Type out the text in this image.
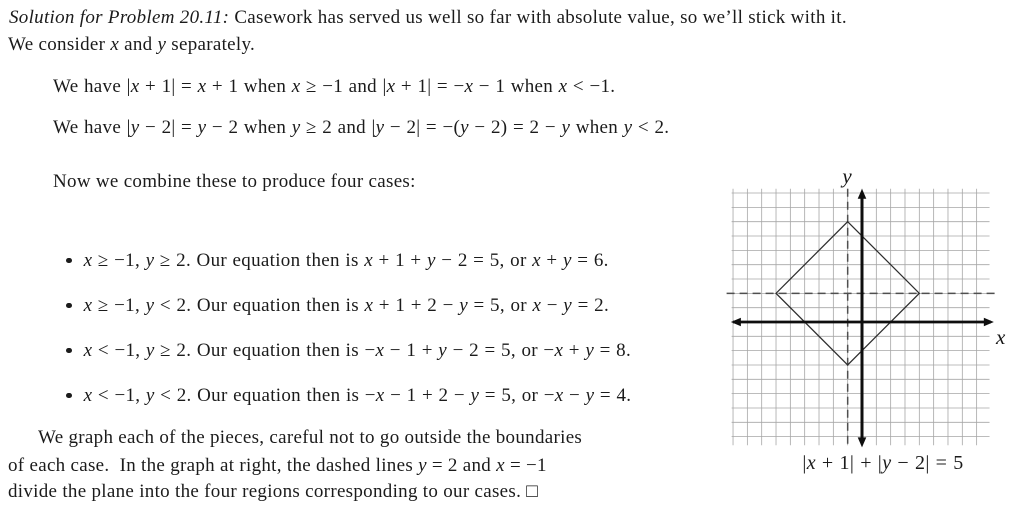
Solution for Problem 20.11: Casework has served us well so far with absolute value, so we’ll stick with it.
We consider x and y separately.
We have |x + 1| = x + 1 when x ≥ −1 and |x + 1| = −x − 1 when x < −1.
We have |y − 2| = y − 2 when y ≥ 2 and |y − 2| = −(y − 2) = 2 − y when y < 2.
Now we combine these to produce four cases:

x ≥ −1, y ≥ 2. Our equation then is x + 1 + y − 2 = 5, or x + y = 6.

x ≥ −1, y < 2. Our equation then is x + 1 + 2 − y = 5, or x − y = 2.

x < −1, y ≥ 2. Our equation then is −x − 1 + y − 2 = 5, or −x + y = 8.

x < −1, y < 2. Our equation then is −x − 1 + 2 − y = 5, or −x − y = 4.

We graph each of the pieces, careful not to go outside the boundaries
of each case.  In the graph at right, the dashed lines y = 2 and x = −1
divide the plane into the four regions corresponding to our cases. □
y
x
|x + 1| + |y − 2| = 5
